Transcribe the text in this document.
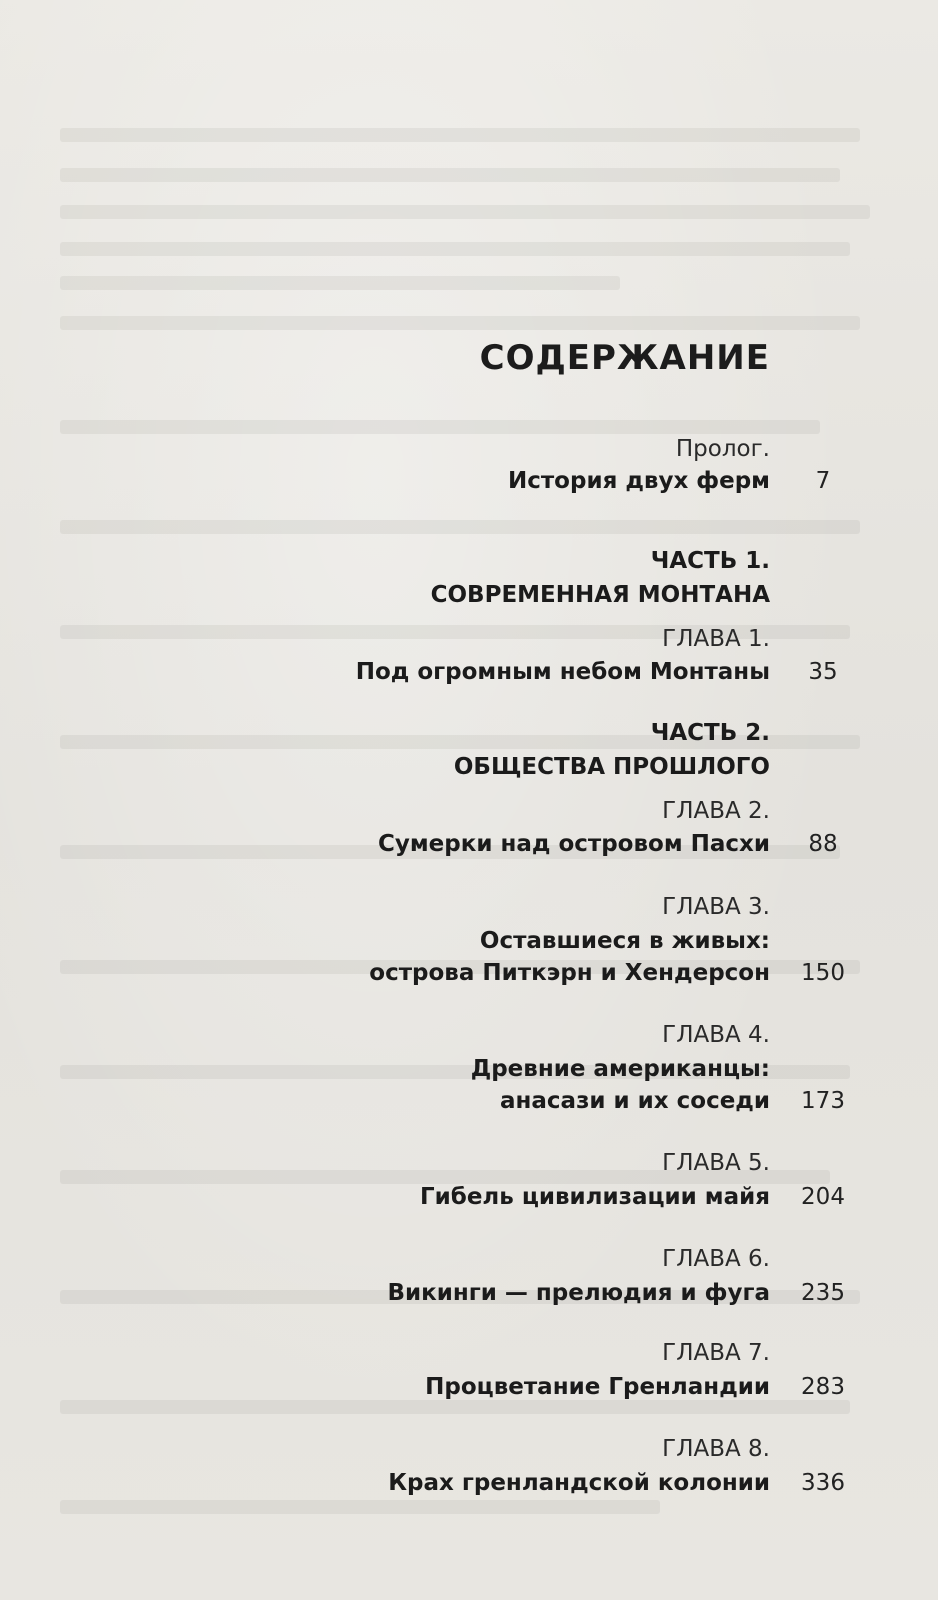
СОДЕРЖАНИЕ
Пролог.
История двух ферм	7
ЧАСТЬ 1.
СОВРЕМЕННАЯ МОНТАНА
ГЛАВА 1.
Под огромным небом Монтаны	35
ЧАСТЬ 2.
ОБЩЕСТВА ПРОШЛОГО
ГЛАВА 2.
Сумерки над островом Пасхи	88
ГЛАВА 3.
Оставшиеся в живых:
острова Питкэрн и Хендерсон	150
ГЛАВА 4.
Древние американцы:
анасази и их соседи	173
ГЛАВА 5.
Гибель цивилизации майя	204
ГЛАВА 6.
Викинги — прелюдия и фуга	235
ГЛАВА 7.
Процветание Гренландии	283
ГЛАВА 8.
Крах гренландской колонии	336
